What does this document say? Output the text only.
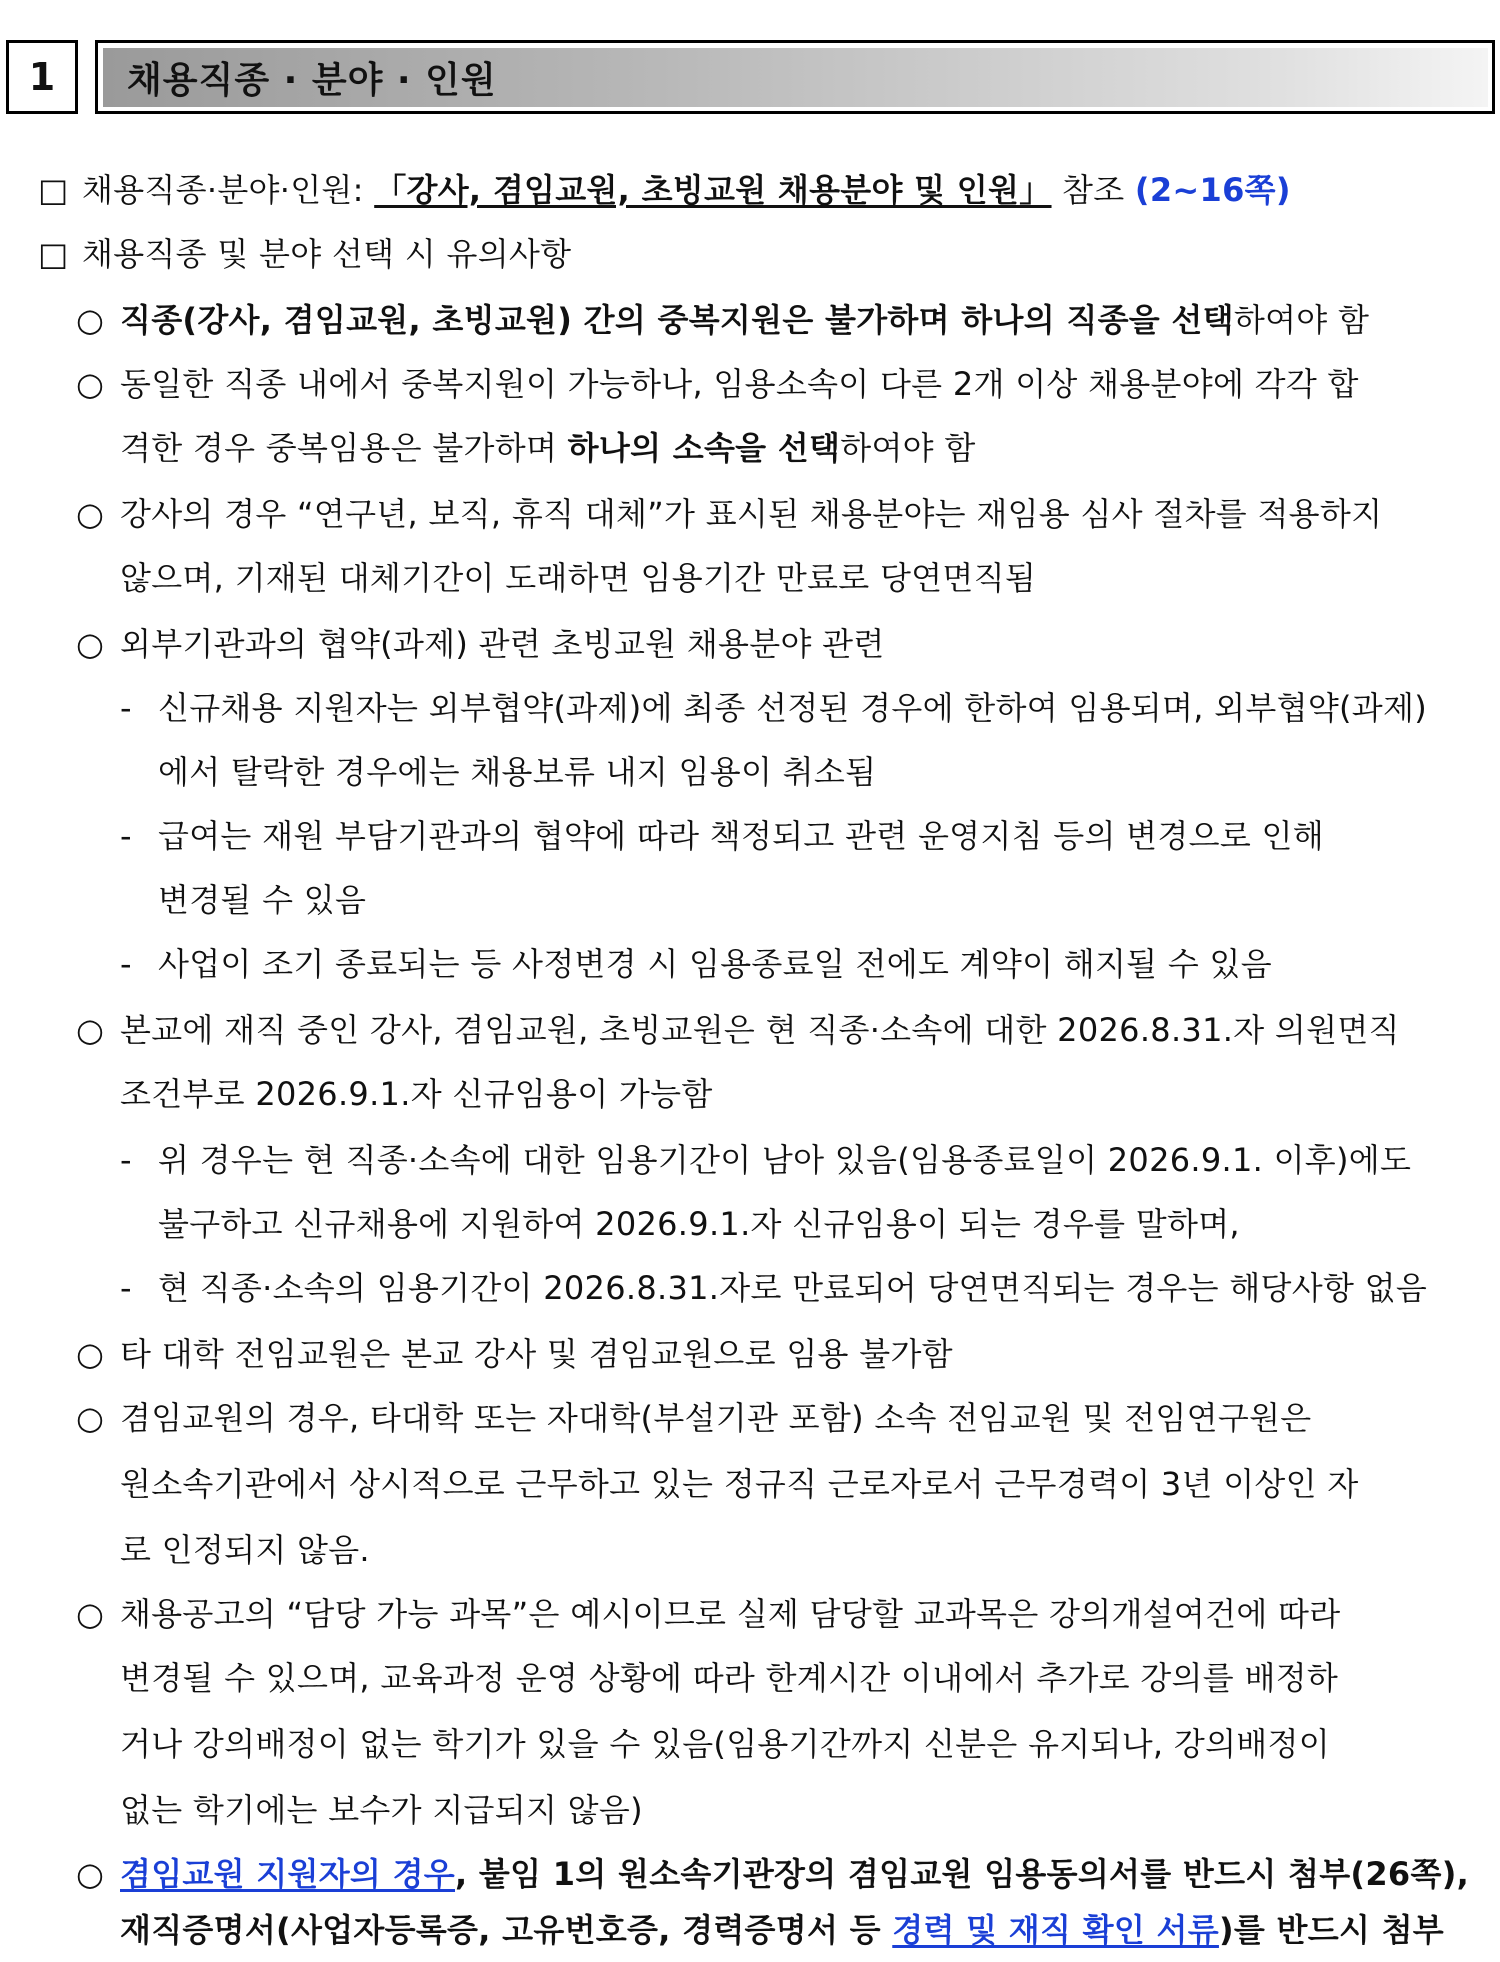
1	채용직종 · 분야 · 인원
□ 채용직종·분야·인원: 「강사, 겸임교원, 초빙교원 채용분야 및 인원」 참조 (2~16쪽)
□ 채용직종 및 분야 선택 시 유의사항
○ 직종(강사, 겸임교원, 초빙교원) 간의 중복지원은 불가하며 하나의 직종을 선택하여야 함
○ 동일한 직종 내에서 중복지원이 가능하나, 임용소속이 다른 2개 이상 채용분야에 각각 합
격한 경우 중복임용은 불가하며 하나의 소속을 선택하여야 함
○ 강사의 경우 “연구년, 보직, 휴직 대체”가 표시된 채용분야는 재임용 심사 절차를 적용하지
않으며, 기재된 대체기간이 도래하면 임용기간 만료로 당연면직됨
○ 외부기관과의 협약(과제) 관련 초빙교원 채용분야 관련
- 신규채용 지원자는 외부협약(과제)에 최종 선정된 경우에 한하여 임용되며, 외부협약(과제)
에서 탈락한 경우에는 채용보류 내지 임용이 취소됨
- 급여는 재원 부담기관과의 협약에 따라 책정되고 관련 운영지침 등의 변경으로 인해
변경될 수 있음
- 사업이 조기 종료되는 등 사정변경 시 임용종료일 전에도 계약이 해지될 수 있음
○ 본교에 재직 중인 강사, 겸임교원, 초빙교원은 현 직종·소속에 대한 2026.8.31.자 의원면직
조건부로 2026.9.1.자 신규임용이 가능함
- 위 경우는 현 직종·소속에 대한 임용기간이 남아 있음(임용종료일이 2026.9.1. 이후)에도
불구하고 신규채용에 지원하여 2026.9.1.자 신규임용이 되는 경우를 말하며,
- 현 직종·소속의 임용기간이 2026.8.31.자로 만료되어 당연면직되는 경우는 해당사항 없음
○ 타 대학 전임교원은 본교 강사 및 겸임교원으로 임용 불가함
○ 겸임교원의 경우, 타대학 또는 자대학(부설기관 포함) 소속 전임교원 및 전임연구원은
원소속기관에서 상시적으로 근무하고 있는 정규직 근로자로서 근무경력이 3년 이상인 자
로 인정되지 않음.
○ 채용공고의 “담당 가능 과목”은 예시이므로 실제 담당할 교과목은 강의개설여건에 따라
변경될 수 있으며, 교육과정 운영 상황에 따라 한계시간 이내에서 추가로 강의를 배정하
거나 강의배정이 없는 학기가 있을 수 있음(임용기간까지 신분은 유지되나, 강의배정이
없는 학기에는 보수가 지급되지 않음)
○ 겸임교원 지원자의 경우, 붙임 1의 원소속기관장의 겸임교원 임용동의서를 반드시 첨부(26쪽),
재직증명서(사업자등록증, 고유번호증, 경력증명서 등 경력 및 재직 확인 서류)를 반드시 첨부
